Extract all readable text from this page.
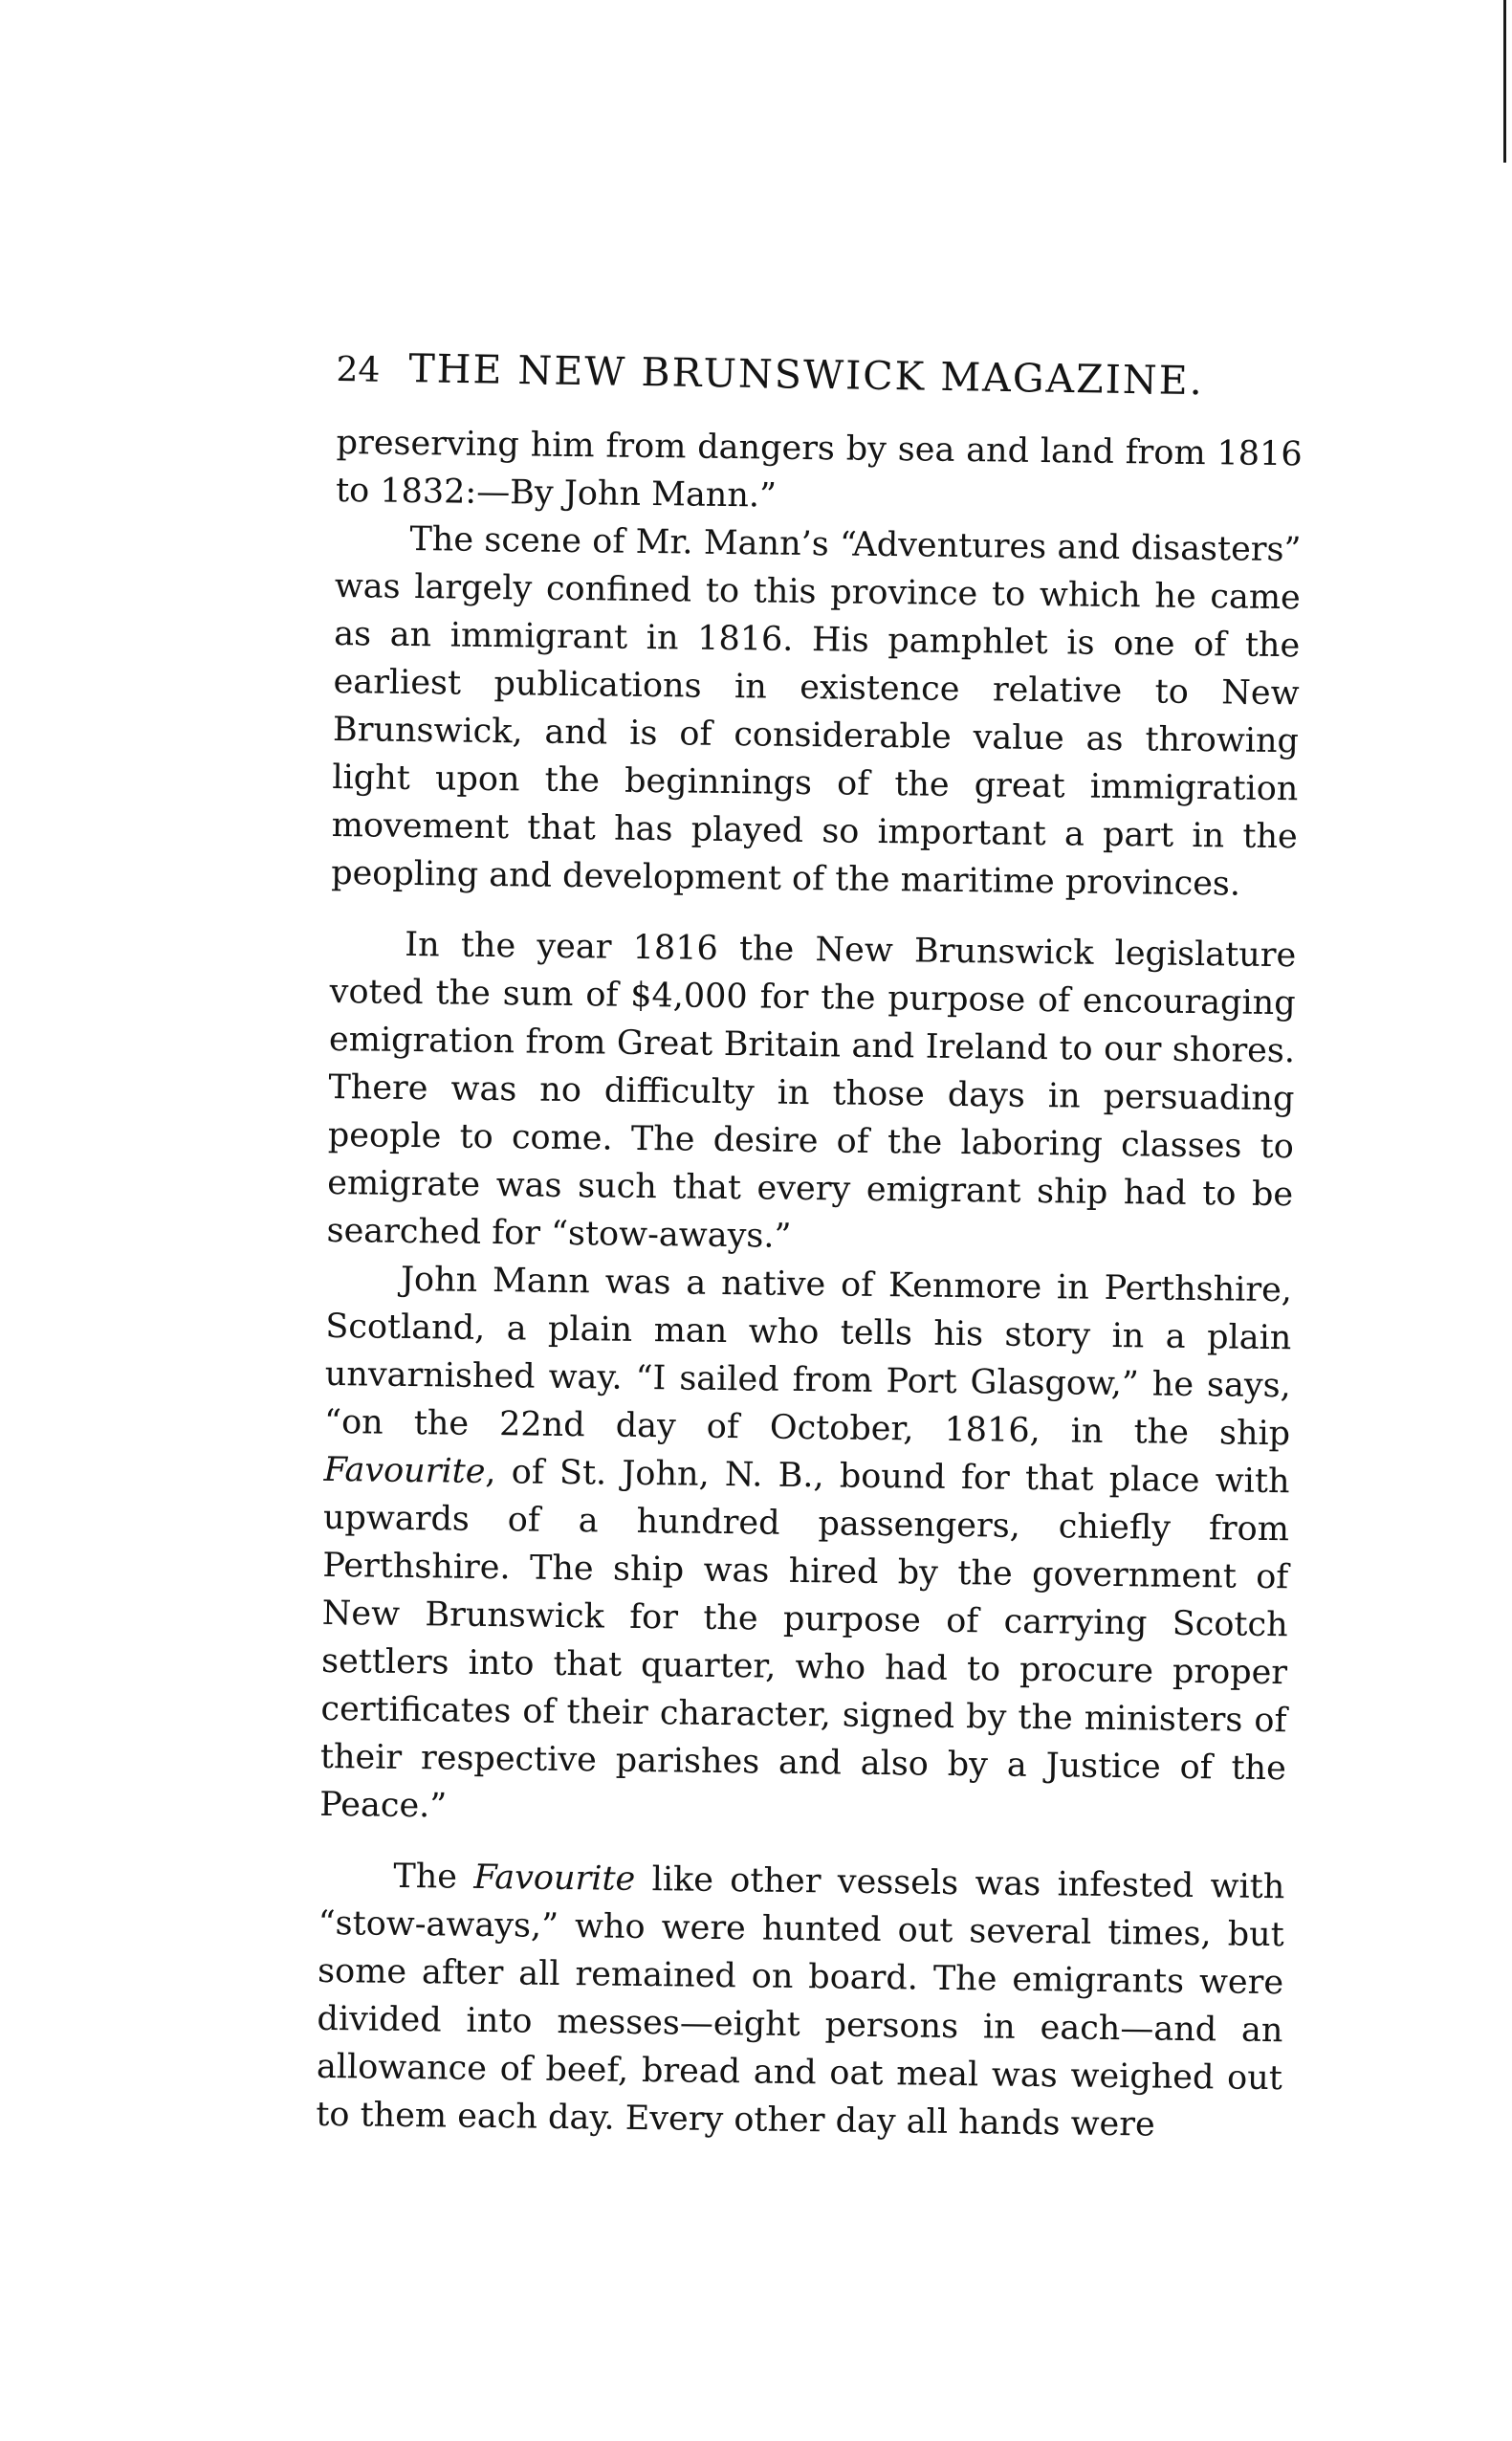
24 THE NEW BRUNSWICK MAGAZINE.

preserving him from dangers by sea and land from 1816 to 1832:—By John Mann.”

The scene of Mr. Mann’s “Adventures and disasters” was largely confined to this province to which he came as an immigrant in 1816. His pamphlet is one of the earliest publications in existence relative to New Brunswick, and is of considerable value as throwing light upon the beginnings of the great immigration movement that has played so important a part in the peopling and development of the maritime provinces.

In the year 1816 the New Brunswick legislature voted the sum of $4,000 for the purpose of encouraging emigration from Great Britain and Ireland to our shores. There was no difficulty in those days in persuading people to come. The desire of the laboring classes to emigrate was such that every emigrant ship had to be searched for “stow-aways.”

John Mann was a native of Kenmore in Perthshire, Scotland, a plain man who tells his story in a plain unvarnished way. “I sailed from Port Glasgow,” he says, “on the 22nd day of October, 1816, in the ship Favourite, of St. John, N. B., bound for that place with upwards of a hundred passengers, chiefly from Perthshire. The ship was hired by the government of New Brunswick for the purpose of carrying Scotch settlers into that quarter, who had to procure proper certificates of their character, signed by the ministers of their respective parishes and also by a Justice of the Peace.”

The Favourite like other vessels was infested with “stow-aways,” who were hunted out several times, but some after all remained on board. The emigrants were divided into messes—eight persons in each—and an allowance of beef, bread and oat meal was weighed out to them each day. Every other day all hands were
